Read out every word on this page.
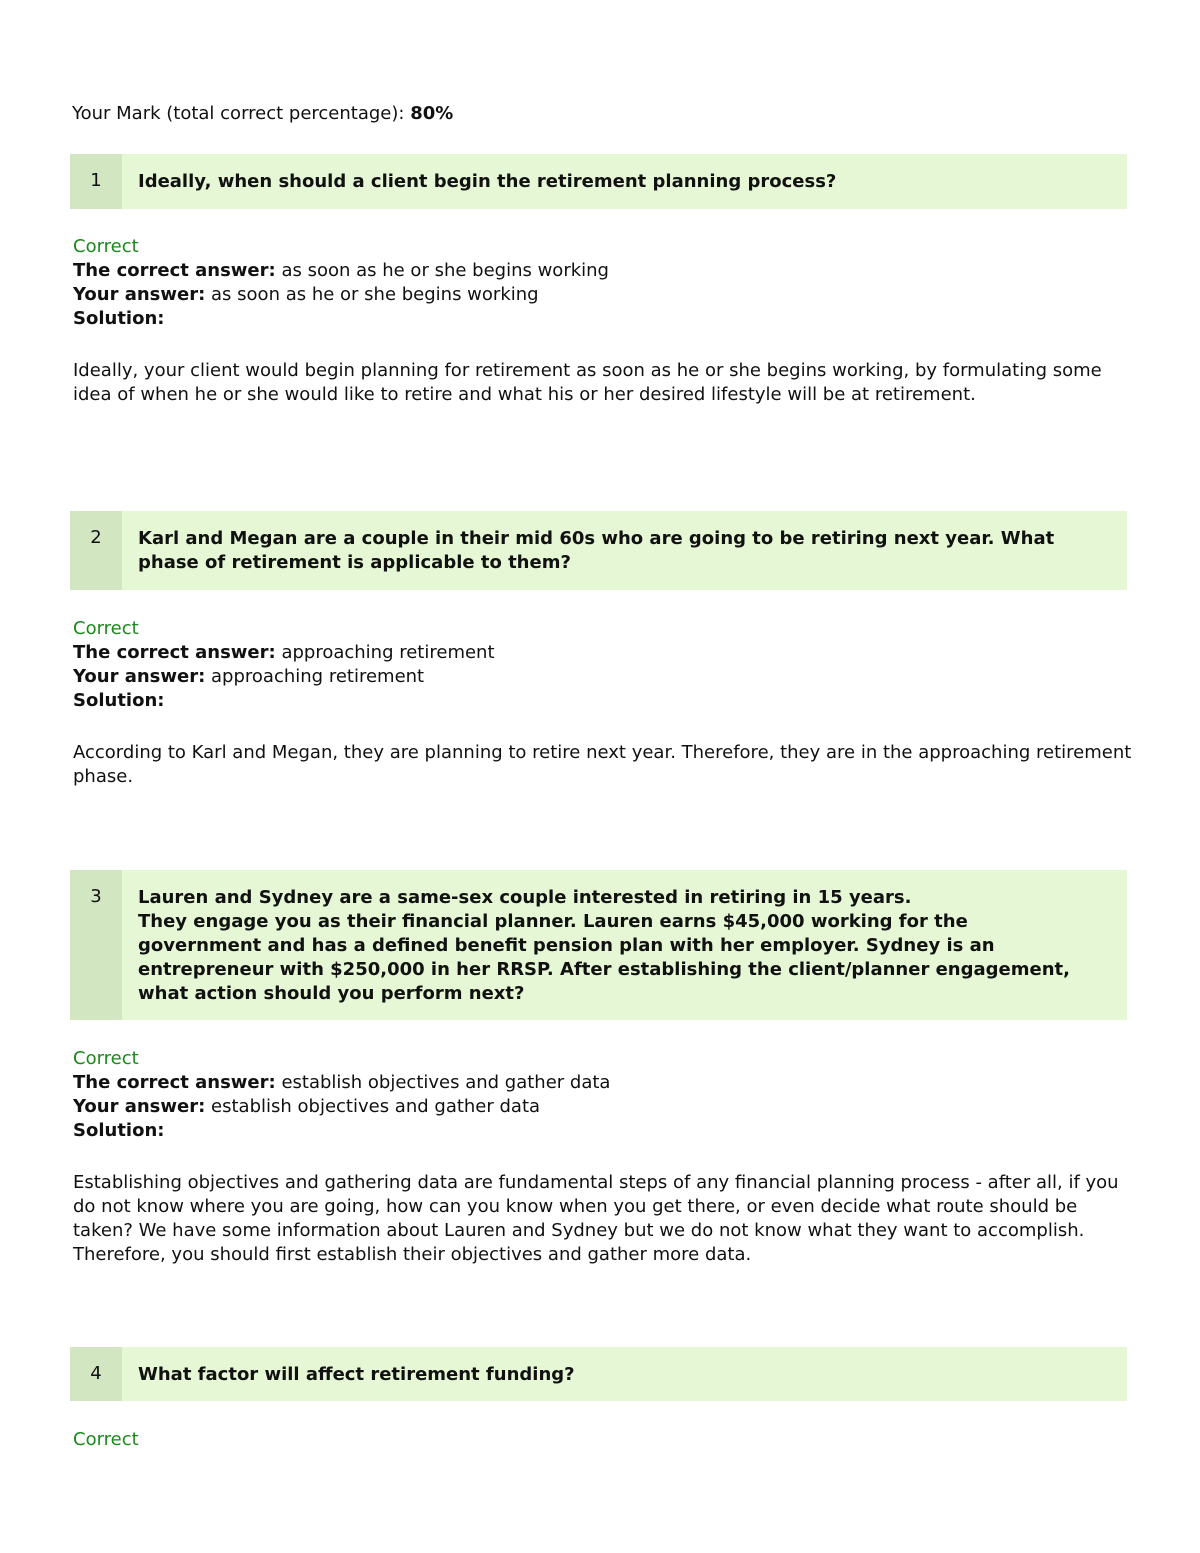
Your Mark (total correct percentage): 80%
1	Ideally, when should a client begin the retirement planning process?
Correct
The correct answer: as soon as he or she begins working
Your answer: as soon as he or she begins working
Solution:
Ideally, your client would begin planning for retirement as soon as he or she begins working, by formulating some idea of when he or she would like to retire and what his or her desired lifestyle will be at retirement.
2	Karl and Megan are a couple in their mid 60s who are going to be retiring next year. What phase of retirement is applicable to them?
Correct
The correct answer: approaching retirement
Your answer: approaching retirement
Solution:
According to Karl and Megan, they are planning to retire next year. Therefore, they are in the approaching retirement phase.
3	Lauren and Sydney are a same-sex couple interested in retiring in 15 years.
They engage you as their financial planner. Lauren earns $45,000 working for the government and has a defined benefit pension plan with her employer. Sydney is an entrepreneur with $250,000 in her RRSP. After establishing the client/planner engagement, what action should you perform next?
Correct
The correct answer: establish objectives and gather data
Your answer: establish objectives and gather data
Solution:
Establishing objectives and gathering data are fundamental steps of any financial planning process - after all, if you do not know where you are going, how can you know when you get there, or even decide what route should be taken? We have some information about Lauren and Sydney but we do not know what they want to accomplish. Therefore, you should first establish their objectives and gather more data.
4	What factor will affect retirement funding?
Correct
